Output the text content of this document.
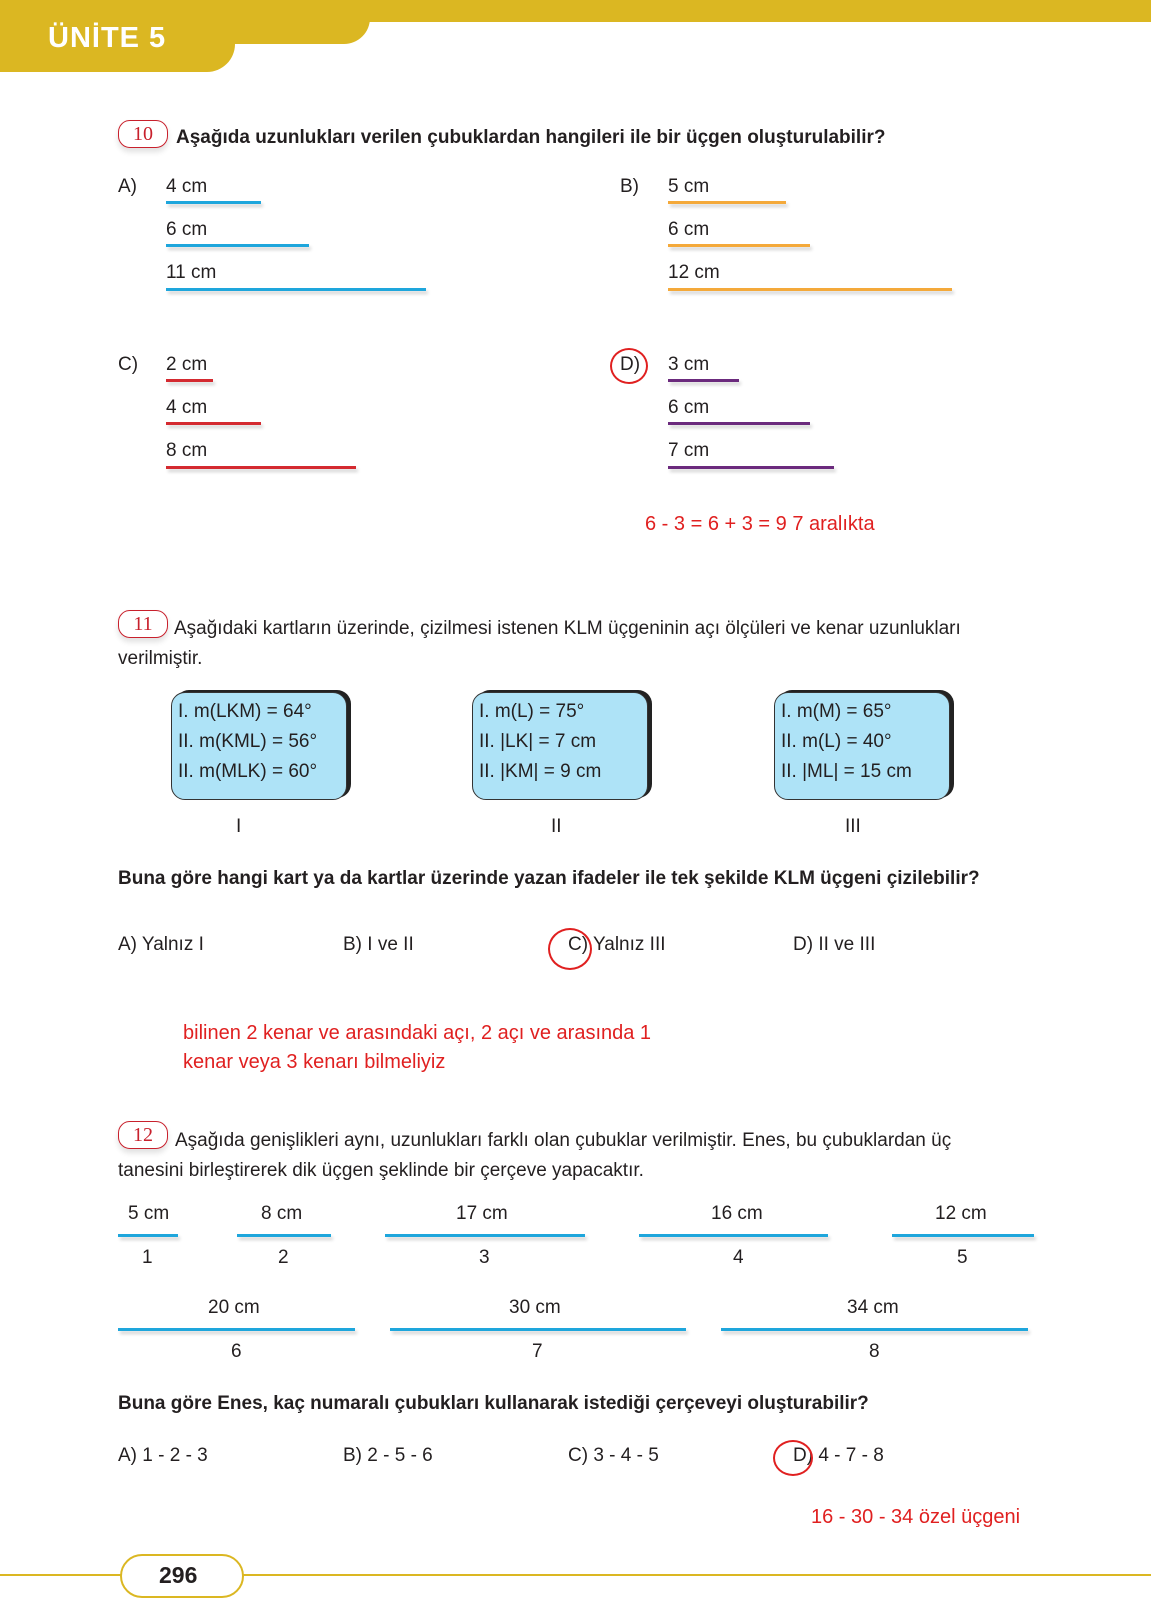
ÜNİTE 5
10	Aşağıda uzunlukları verilen çubuklardan hangileri ile bir üçgen oluşturulabilir?
A) 4 cm
6 cm
11 cm
B) 5 cm
6 cm
12 cm
C) 2 cm
4 cm
8 cm
D) 3 cm
6 cm
7 cm
6 - 3 = 6 + 3 = 9 7 aralıkta
11	Aşağıdaki kartların üzerinde, çizilmesi istenen KLM üçgeninin açı ölçüleri ve kenar uzunlukları
verilmiştir.
I. m(LKM) = 64°
II. m(KML) = 56°
II. m(MLK) = 60°
I. m(L) = 75°
II. |LK| = 7 cm
II. |KM| = 9 cm
I. m(M) = 65°
II. m(L) = 40°
II. |ML| = 15 cm
I	II	III
Buna göre hangi kart ya da kartlar üzerinde yazan ifadeler ile tek şekilde KLM üçgeni çizilebilir?
A) Yalnız I	B) I ve II	C) Yalnız III	D) II ve III
bilinen 2 kenar ve arasındaki açı, 2 açı ve arasında 1
kenar veya 3 kenarı bilmeliyiz
12	Aşağıda genişlikleri aynı, uzunlukları farklı olan çubuklar verilmiştir. Enes, bu çubuklardan üç
tanesini birleştirerek dik üçgen şeklinde bir çerçeve yapacaktır.
5 cm
1
8 cm
2
17 cm
3
16 cm
4
12 cm
5
20 cm
6
30 cm
7
34 cm
8
Buna göre Enes, kaç numaralı çubukları kullanarak istediği çerçeveyi oluşturabilir?
A) 1 - 2 - 3	B) 2 - 5 - 6	C) 3 - 4 - 5	D) 4 - 7 - 8
16 - 30 - 34 özel üçgeni
296
